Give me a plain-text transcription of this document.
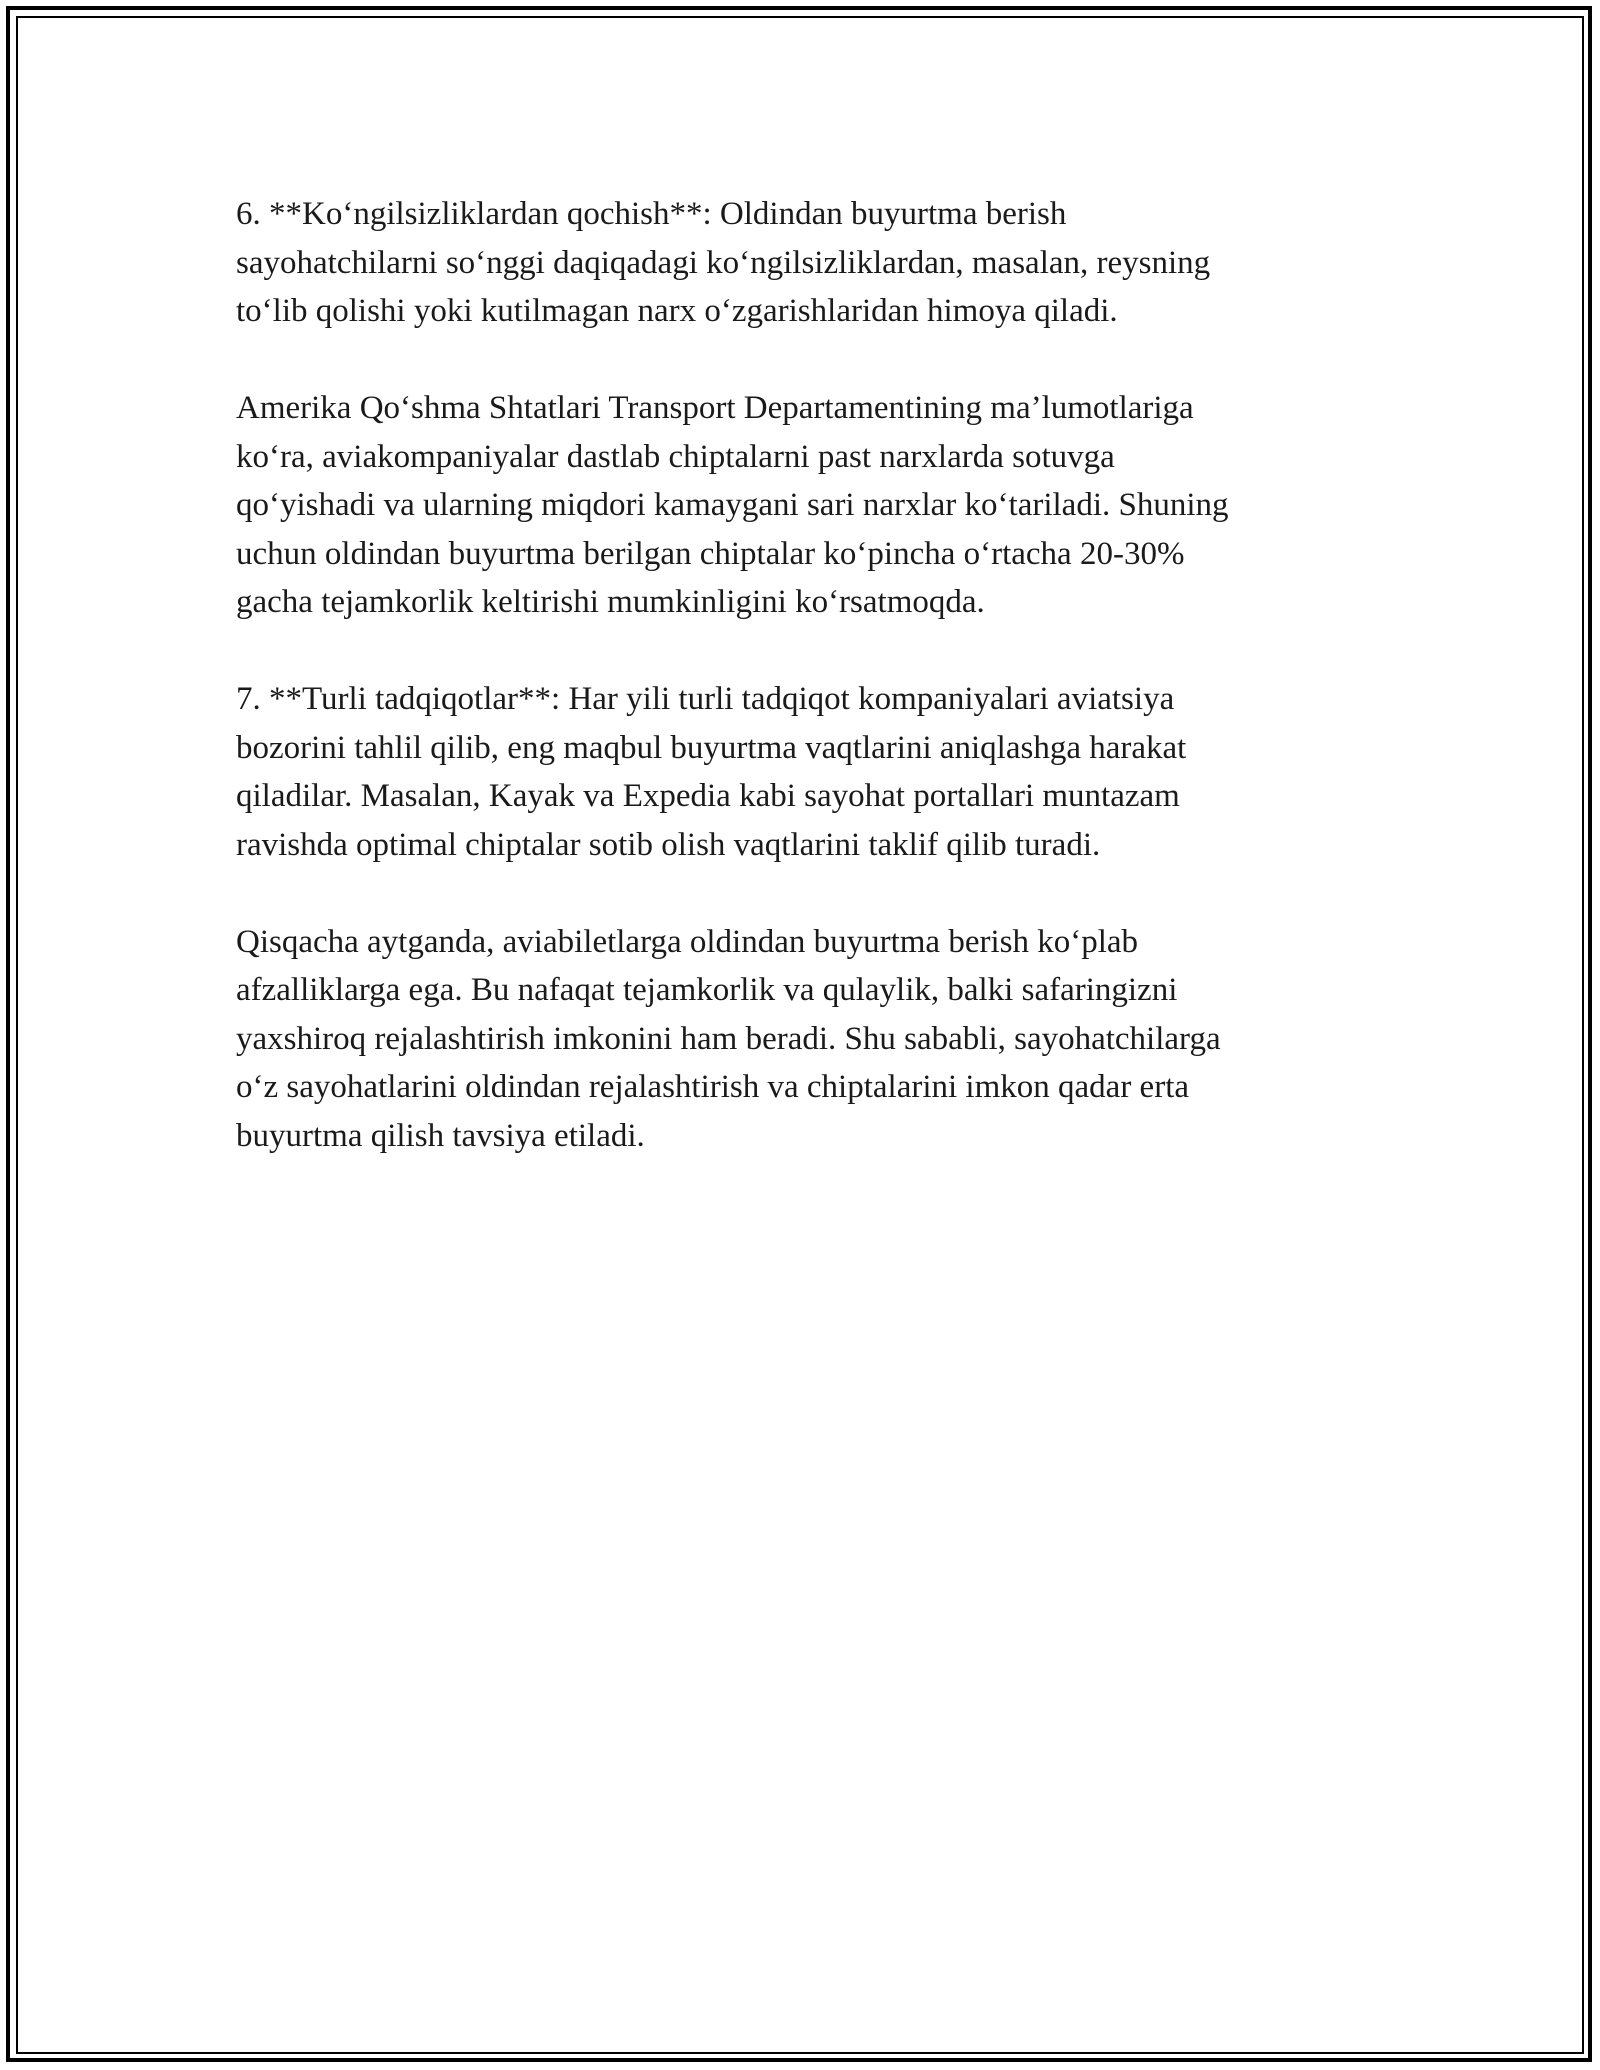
6. **Ko‘ngilsizliklardan qochish**: Oldindan buyurtma berish
sayohatchilarni so‘nggi daqiqadagi ko‘ngilsizliklardan, masalan, reysning
to‘lib qolishi yoki kutilmagan narx o‘zgarishlaridan himoya qiladi.

Amerika Qo‘shma Shtatlari Transport Departamentining ma’lumotlariga
ko‘ra, aviakompaniyalar dastlab chiptalarni past narxlarda sotuvga
qo‘yishadi va ularning miqdori kamaygani sari narxlar ko‘tariladi. Shuning
uchun oldindan buyurtma berilgan chiptalar ko‘pincha o‘rtacha 20-30%
gacha tejamkorlik keltirishi mumkinligini ko‘rsatmoqda.

7. **Turli tadqiqotlar**: Har yili turli tadqiqot kompaniyalari aviatsiya
bozorini tahlil qilib, eng maqbul buyurtma vaqtlarini aniqlashga harakat
qiladilar. Masalan, Kayak va Expedia kabi sayohat portallari muntazam
ravishda optimal chiptalar sotib olish vaqtlarini taklif qilib turadi.

Qisqacha aytganda, aviabiletlarga oldindan buyurtma berish ko‘plab
afzalliklarga ega. Bu nafaqat tejamkorlik va qulaylik, balki safaringizni
yaxshiroq rejalashtirish imkonini ham beradi. Shu sababli, sayohatchilarga
o‘z sayohatlarini oldindan rejalashtirish va chiptalarini imkon qadar erta
buyurtma qilish tavsiya etiladi.
